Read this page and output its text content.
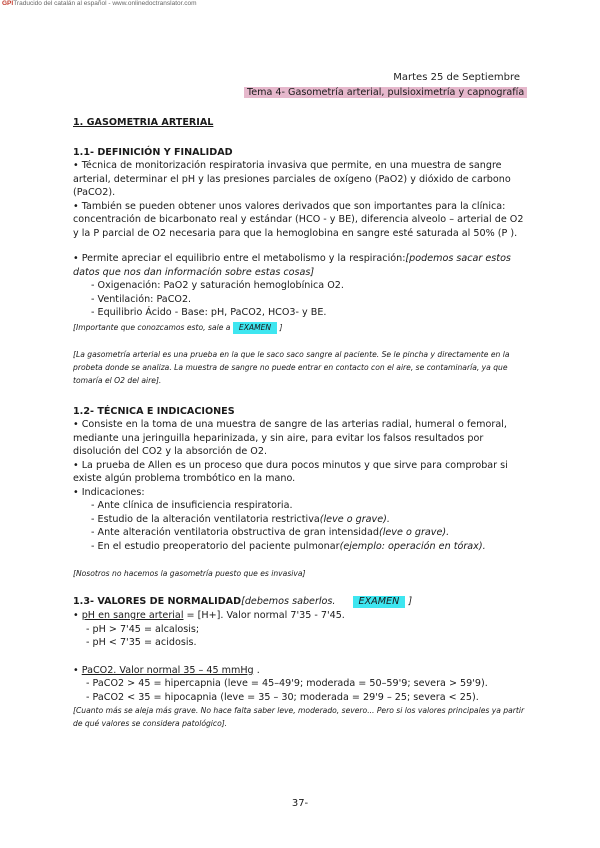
GPITraducido del catalán al español - www.onlinedoctranslator.com
Martes 25 de Septiembre
Tema 4- Gasometría arterial, pulsioximetría y capnografía
1. GASOMETRIA ARTERIAL
1.1- DEFINICIÓN Y FINALIDAD

• Técnica de monitorización respiratoria invasiva que permite, en una muestra de sangre arterial, determinar el pH y las presiones parciales de oxígeno (PaO2) y dióxido de carbono (PaCO2).

• También se pueden obtener unos valores derivados que son importantes para la clínica: concentración de bicarbonato real y estándar (HCO - y BE), diferencia alveolo – arterial de O2 y la P parcial de O2 necesaria para que la hemoglobina en sangre esté saturada al 50% (P ).

• Permite apreciar el equilibrio entre el metabolismo y la respiración:[podemos sacar estos datos que nos dan información sobre estas cosas]

- Oxigenación: PaO2 y saturación hemoglobínica O2.

- Ventilación: PaCO2.

- Equilibrio Ácido - Base: pH, PaCO2, HCO3- y BE.

[Importante que conozcamos esto, sale a EXAMEN ]

[La gasometría arterial es una prueba en la que le saco saco sangre al paciente. Se le pincha y directamente en la probeta donde se analiza. La muestra de sangre no puede entrar en contacto con el aire, se contaminaría, ya que tomaría el O2 del aire].

1.2- TÉCNICA E INDICACIONES

• Consiste en la toma de una muestra de sangre de las arterias radial, humeral o femoral, mediante una jeringuilla heparinizada, y sin aire, para evitar los falsos resultados por disolución del CO2 y la absorción de O2.

• La prueba de Allen es un proceso que dura pocos minutos y que sirve para comprobar si existe algún problema trombótico en la mano.

• Indicaciones:

- Ante clínica de insuficiencia respiratoria.

- Estudio de la alteración ventilatoria restrictiva(leve o grave).

- Ante alteración ventilatoria obstructiva de gran intensidad(leve o grave).

- En el estudio preoperatorio del paciente pulmonar(ejemplo: operación en tórax).

[Nosotros no hacemos la gasometría puesto que es invasiva]

1.3- VALORES DE NORMALIDAD[debemos saberlos. EXAMEN ]

• pH en sangre arterial = [H+]. Valor normal 7'35 - 7'45.

- pH > 7'45 = alcalosis;

- pH < 7'35 = acidosis.

• PaCO2. Valor normal 35 – 45 mmHg .

- PaCO2 > 45 = hipercapnia (leve = 45–49'9; moderada = 50–59'9; severa > 59'9).

- PaCO2 < 35 = hipocapnia (leve = 35 – 30; moderada = 29'9 – 25; severa < 25).

[Cuanto más se aleja más grave. No hace falta saber leve, moderado, severo... Pero si los valores principales ya partir de qué valores se considera patológico].

37-
